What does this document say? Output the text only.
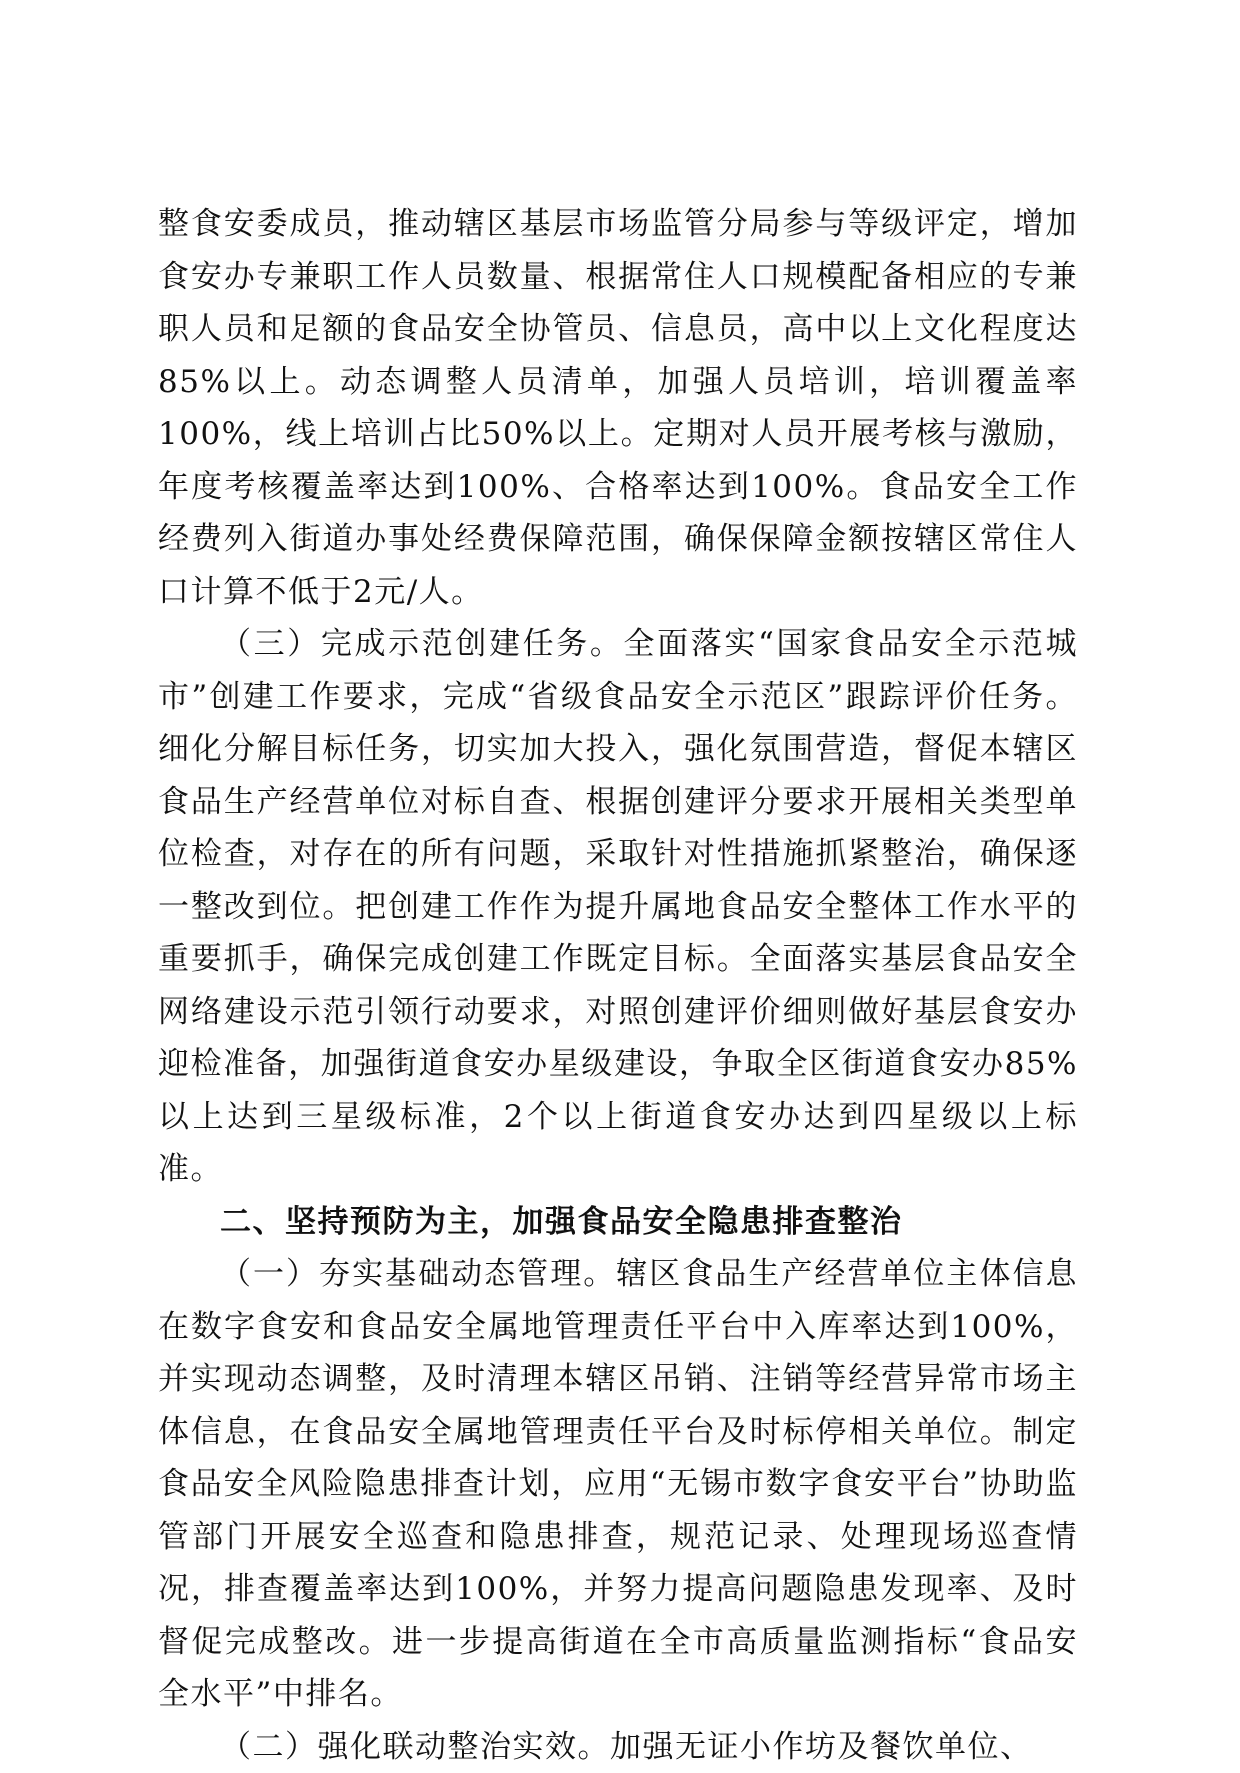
整食安委成员，推动辖区基层市场监管分局参与等级评定，增加食安办专兼职工作人员数量、根据常住人口规模配备相应的专兼职人员和足额的食品安全协管员、信息员，高中以上文化程度达85%以上。动态调整人员清单，加强人员培训，培训覆盖率100%，线上培训占比50%以上。定期对人员开展考核与激励，年度考核覆盖率达到100%、合格率达到100%。食品安全工作经费列入街道办事处经费保障范围，确保保障金额按辖区常住人口计算不低于2元/人。

（三）完成示范创建任务。全面落实“国家食品安全示范城市”创建工作要求，完成“省级食品安全示范区”跟踪评价任务。细化分解目标任务，切实加大投入，强化氛围营造，督促本辖区食品生产经营单位对标自查、根据创建评分要求开展相关类型单位检查，对存在的所有问题，采取针对性措施抓紧整治，确保逐一整改到位。把创建工作作为提升属地食品安全整体工作水平的重要抓手，确保完成创建工作既定目标。全面落实基层食品安全网络建设示范引领行动要求，对照创建评价细则做好基层食安办迎检准备，加强街道食安办星级建设，争取全区街道食安办85%以上达到三星级标准，2个以上街道食安办达到四星级以上标准。

二、坚持预防为主，加强食品安全隐患排查整治

（一）夯实基础动态管理。辖区食品生产经营单位主体信息在数字食安和食品安全属地管理责任平台中入库率达到100%，并实现动态调整，及时清理本辖区吊销、注销等经营异常市场主体信息，在食品安全属地管理责任平台及时标停相关单位。制定食品安全风险隐患排查计划，应用“无锡市数字食安平台”协助监管部门开展安全巡查和隐患排查，规范记录、处理现场巡查情况，排查覆盖率达到100%，并努力提高问题隐患发现率、及时督促完成整改。进一步提高街道在全市高质量监测指标“食品安全水平”中排名。

（二）强化联动整治实效。加强无证小作坊及餐饮单位、
